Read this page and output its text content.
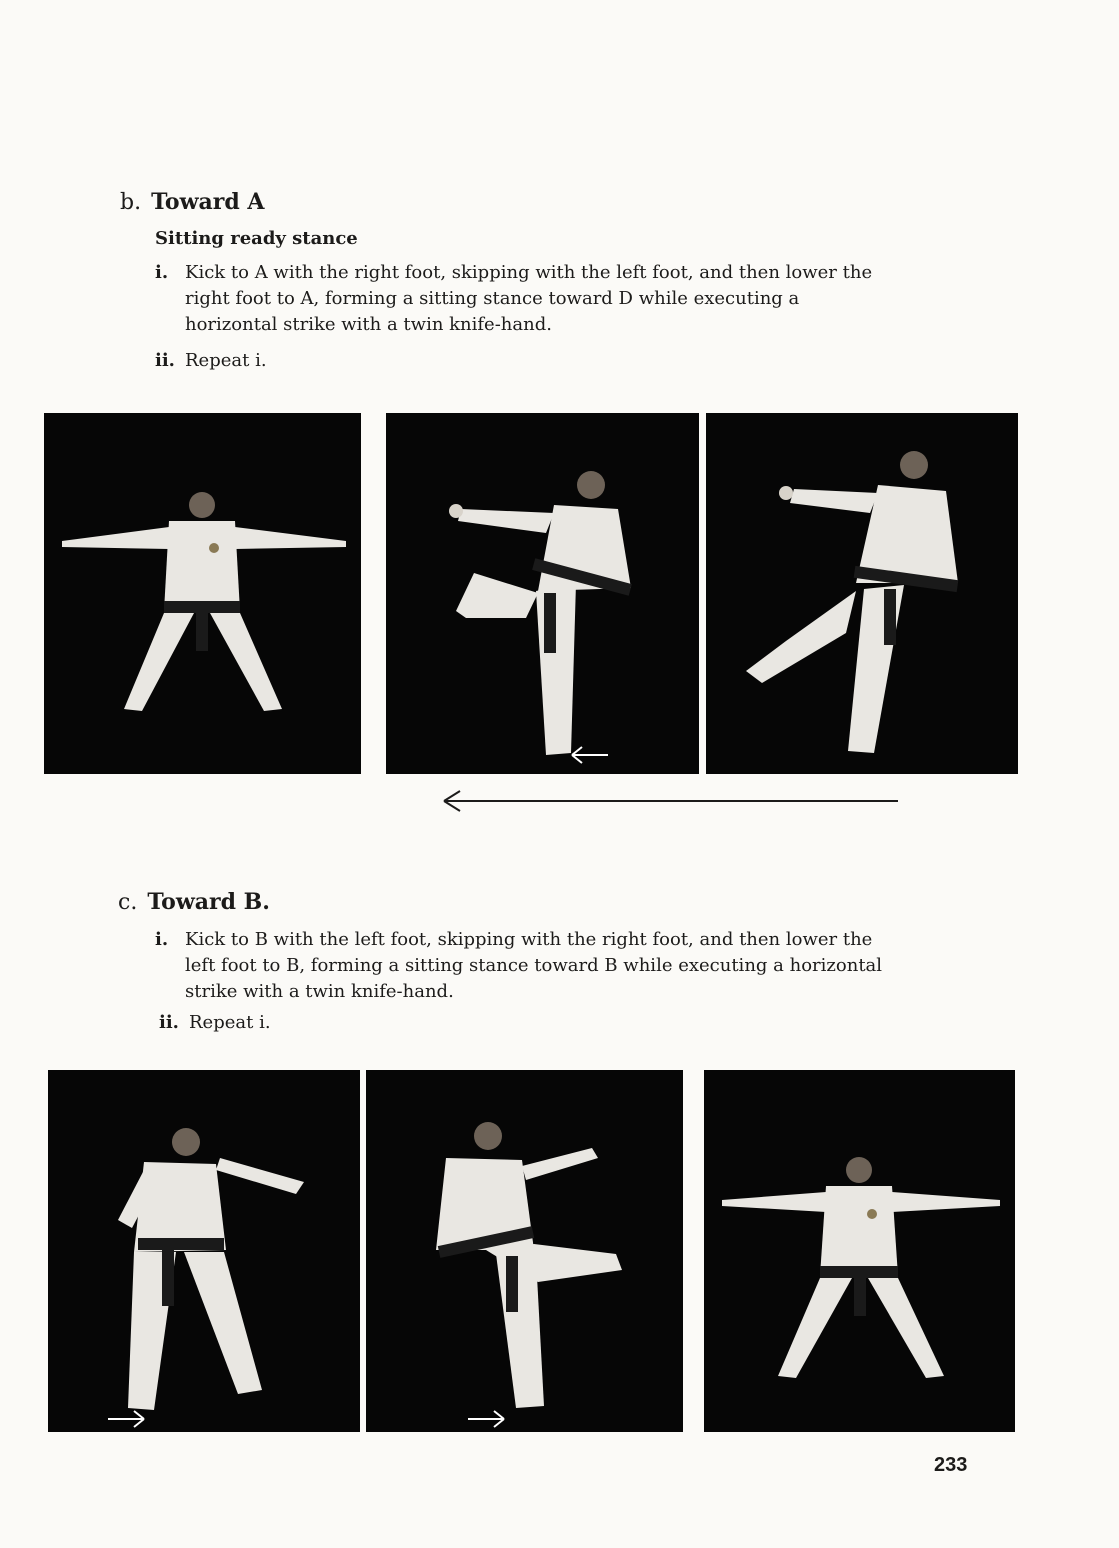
b. Toward A
Sitting ready stance
i. Kick to A with the right foot, skipping with the left foot, and then lower the right foot to A, forming a sitting stance toward D while executing a horizontal strike with a twin knife-hand.
ii. Repeat i.
c. Toward B.
i. Kick to B with the left foot, skipping with the right foot, and then lower the left foot to B, forming a sitting stance toward B while executing a horizontal strike with a twin knife-hand.
ii. Repeat i.
233
